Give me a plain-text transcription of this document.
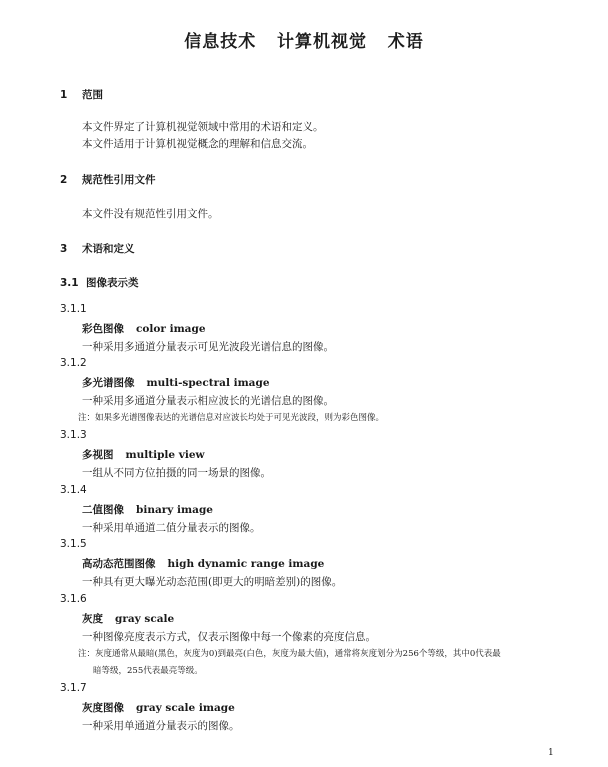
信息技术   计算机视觉   术语
1 范围
本文件界定了计算机视觉领域中常用的术语和定义。
本文件适用于计算机视觉概念的理解和信息交流。
2 规范性引用文件
本文件没有规范性引用文件。
3 术语和定义
3.1 图像表示类
3.1.1
彩色图像 color image
一种采用多通道分量表示可见光波段光谱信息的图像。
3.1.2
多光谱图像 multi-spectral image
一种采用多通道分量表示相应波长的光谱信息的图像。
注：如果多光谱图像表达的光谱信息对应波长均处于可见光波段，则为彩色图像。
3.1.3
多视图 multiple view
一组从不同方位拍摄的同一场景的图像。
3.1.4
二值图像 binary image
一种采用单通道二值分量表示的图像。
3.1.5
高动态范围图像 high dynamic range image
一种具有更大曝光动态范围(即更大的明暗差别)的图像。
3.1.6
灰度 gray scale
一种图像亮度表示方式，仅表示图像中每一个像素的亮度信息。
注：灰度通常从最暗(黑色，灰度为0)到最亮(白色，灰度为最大值)，通常将灰度划分为256个等级，其中0代表最
暗等级，255代表最亮等级。
3.1.7
灰度图像 gray scale image
一种采用单通道分量表示的图像。
1
